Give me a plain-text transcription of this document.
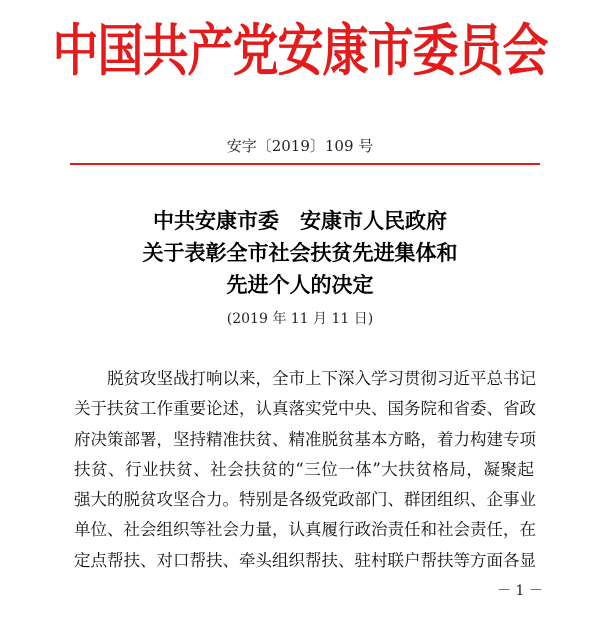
中国共产党安康市委员会
安字〔2019〕109 号
中共安康市委　安康市人民政府
关于表彰全市社会扶贫先进集体和
先进个人的决定
(2019 年 11 月 11 日)
脱贫攻坚战打响以来，全市上下深入学习贯彻习近平总书记
关于扶贫工作重要论述，认真落实党中央、国务院和省委、省政
府决策部署，坚持精准扶贫、精准脱贫基本方略，着力构建专项
扶贫、行业扶贫、社会扶贫的“三位一体”大扶贫格局，凝聚起
强大的脱贫攻坚合力。特别是各级党政部门、群团组织、企事业
单位、社会组织等社会力量，认真履行政治责任和社会责任，在
定点帮扶、对口帮扶、牵头组织帮扶、驻村联户帮扶等方面各显
－ 1 －
